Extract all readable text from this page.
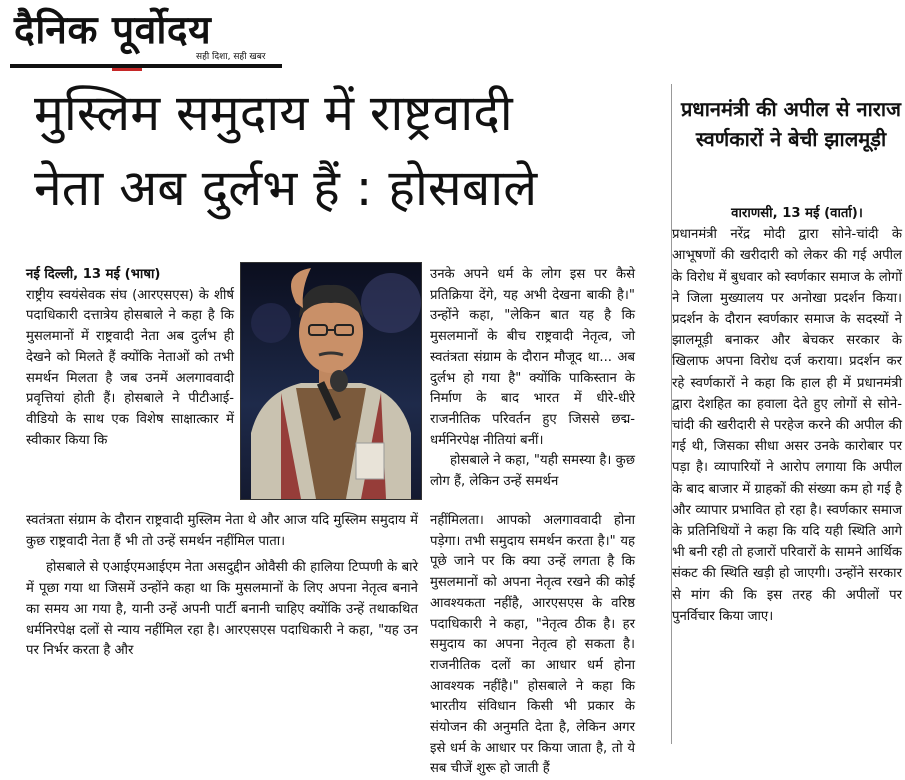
दैनिक पूर्वोदय
सही दिशा, सही खबर
मुस्लिम समुदाय में राष्ट्रवादी
नेता अब दुर्लभ हैं : होसबाले

नई दिल्ली, 13 मई (भाषा)

राष्ट्रीय स्वयंसेवक संघ (आरएसएस) के शीर्ष पदाधिकारी दत्तात्रेय होसबाले ने कहा है कि मुसलमानों में राष्ट्रवादी नेता अब दुर्लभ ही देखने को मिलते हैं क्योंकि नेताओं को तभी समर्थन मिलता है जब उनमें अलगाववादी प्रवृत्तियां होती हैं। होसबाले ने पीटीआई-वीडियो के साथ एक विशेष साक्षात्कार में स्वीकार किया कि

उनके अपने धर्म के लोग इस पर कैसे प्रतिक्रिया देंगे, यह अभी देखना बाकी है।" उन्होंने कहा, "लेकिन बात यह है कि मुसलमानों के बीच राष्ट्रवादी नेतृत्व, जो स्वतंत्रता संग्राम के दौरान मौजूद था... अब दुर्लभ हो गया है" क्योंकि पाकिस्तान के निर्माण के बाद भारत में धीरे-धीरे राजनीतिक परिवर्तन हुए जिससे छद्म-धर्मनिरपेक्ष नीतियां बनीं।

होसबाले ने कहा, "यही समस्या है। कुछ लोग हैं, लेकिन उन्हें समर्थन

स्वतंत्रता संग्राम के दौरान राष्ट्रवादी मुस्लिम नेता थे और आज यदि मुस्लिम समुदाय में कुछ राष्ट्रवादी नेता हैं भी तो उन्हें समर्थन नहींमिल पाता।

होसबाले से एआईएमआईएम नेता असदुद्दीन ओवैसी की हालिया टिप्पणी के बारे में पूछा गया था जिसमें उन्होंने कहा था कि मुसलमानों के लिए अपना नेतृत्व बनाने का समय आ गया है, यानी उन्हें अपनी पार्टी बनानी चाहिए क्योंकि उन्हें तथाकथित धर्मनिरपेक्ष दलों से न्याय नहींमिल रहा है। आरएसएस पदाधिकारी ने कहा, "यह उन पर निर्भर करता है और

नहींमिलता। आपको अलगाववादी होना पड़ेगा। तभी समुदाय समर्थन करता है।" यह पूछे जाने पर कि क्या उन्हें लगता है कि मुसलमानों को अपना नेतृत्व रखने की कोई आवश्यकता नहींहै, आरएसएस के वरिष्ठ पदाधिकारी ने कहा, "नेतृत्व ठीक है। हर समुदाय का अपना नेतृत्व हो सकता है। राजनीतिक दलों का आधार धर्म होना आवश्यक नहींहै।" होसबाले ने कहा कि भारतीय संविधान किसी भी प्रकार के संयोजन की अनुमति देता है, लेकिन अगर इसे धर्म के आधार पर किया जाता है, तो ये सब चीजें शुरू हो जाती हैं

प्रधानमंत्री की अपील से नाराज स्वर्णकारों ने बेची झालमूड़ी
वाराणसी, 13 मई (वार्ता)।
प्रधानमंत्री नरेंद्र मोदी द्वारा सोने-चांदी के आभूषणों की खरीदारी को लेकर की गई अपील के विरोध में बुधवार को स्वर्णकार समाज के लोगों ने जिला मुख्यालय पर अनोखा प्रदर्शन किया। प्रदर्शन के दौरान स्वर्णकार समाज के सदस्यों ने झालमूड़ी बनाकर और बेचकर सरकार के खिलाफ अपना विरोध दर्ज कराया। प्रदर्शन कर रहे स्वर्णकारों ने कहा कि हाल ही में प्रधानमंत्री द्वारा देशहित का हवाला देते हुए लोगों से सोने-चांदी की खरीदारी से परहेज करने की अपील की गई थी, जिसका सीधा असर उनके कारोबार पर पड़ा है। व्यापारियों ने आरोप लगाया कि अपील के बाद बाजार में ग्राहकों की संख्या कम हो गई है और व्यापार प्रभावित हो रहा है। स्वर्णकार समाज के प्रतिनिधियों ने कहा कि यदि यही स्थिति आगे भी बनी रही तो हजारों परिवारों के सामने आर्थिक संकट की स्थिति खड़ी हो जाएगी। उन्होंने सरकार से मांग की कि इस तरह की अपीलों पर पुनर्विचार किया जाए।
